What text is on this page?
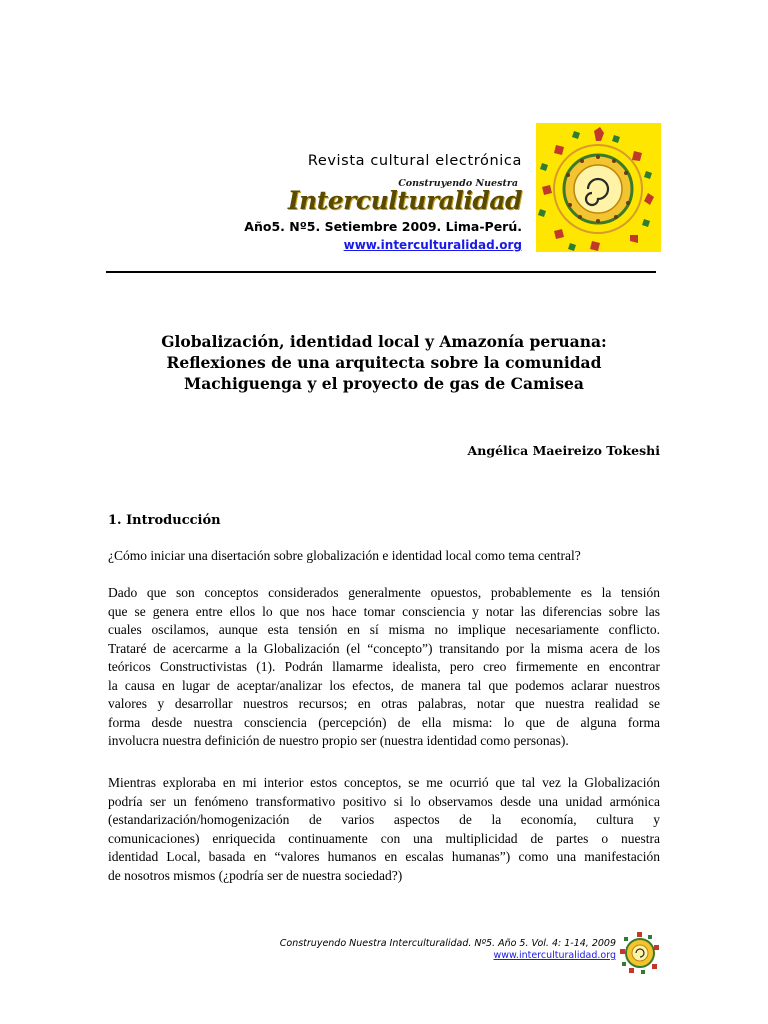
Revista cultural electrónica
Construyendo Nuestra
Interculturalidad
Año5. Nº5. Setiembre 2009. Lima-Perú.
www.interculturalidad.org
Globalización, identidad local y Amazonía peruana:
Reflexiones de una arquitecta sobre la comunidad
Machiguenga y el proyecto de gas de Camisea
Angélica Maeireizo Tokeshi
1. Introducción
¿Cómo iniciar una disertación sobre globalización e identidad local como tema central?
Dado que son conceptos considerados generalmente opuestos, probablemente es la tensión
que se genera entre ellos lo que nos hace tomar consciencia y notar las diferencias sobre las
cuales oscilamos, aunque esta tensión en sí misma no implique necesariamente conflicto.
Trataré de acercarme a la Globalización (el “concepto”) transitando por la misma acera de los
teóricos Constructivistas (1). Podrán llamarme idealista, pero creo firmemente en encontrar
la causa en lugar de aceptar/analizar los efectos, de manera tal que podemos aclarar nuestros
valores y desarrollar nuestros recursos; en otras palabras, notar que nuestra realidad se
forma desde nuestra consciencia (percepción) de ella misma: lo que de alguna forma
involucra nuestra definición de nuestro propio ser (nuestra identidad como personas).
Mientras exploraba en mi interior estos conceptos, se me ocurrió que tal vez la Globalización
podría ser un fenómeno transformativo positivo si lo observamos desde una unidad armónica
(estandarización/homogenización de varios aspectos de la economía, cultura y
comunicaciones) enriquecida continuamente con una multiplicidad de partes o nuestra
identidad Local, basada en “valores humanos en escalas humanas”) como una manifestación
de nosotros mismos (¿podría ser de nuestra sociedad?)
Construyendo Nuestra Interculturalidad. Nº5. Año 5. Vol. 4: 1-14, 2009
www.interculturalidad.org
